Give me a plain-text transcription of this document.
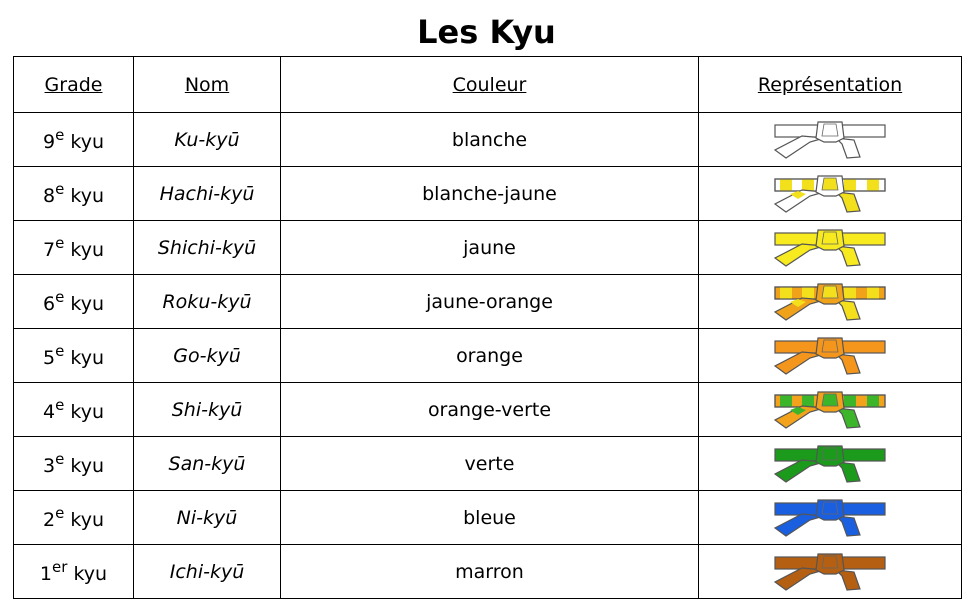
Les Kyu
Grade	Nom	Couleur	Représentation
9e kyu	Ku-kyū	blanche	

8e kyu	Hachi-kyū	blanche-jaune	

7e kyu	Shichi-kyū	jaune	

6e kyu	Roku-kyū	jaune-orange	

5e kyu	Go-kyū	orange	

4e kyu	Shi-kyū	orange-verte	

3e kyu	San-kyū	verte	

2e kyu	Ni-kyū	bleue	

1er kyu	Ichi-kyū	marron	
